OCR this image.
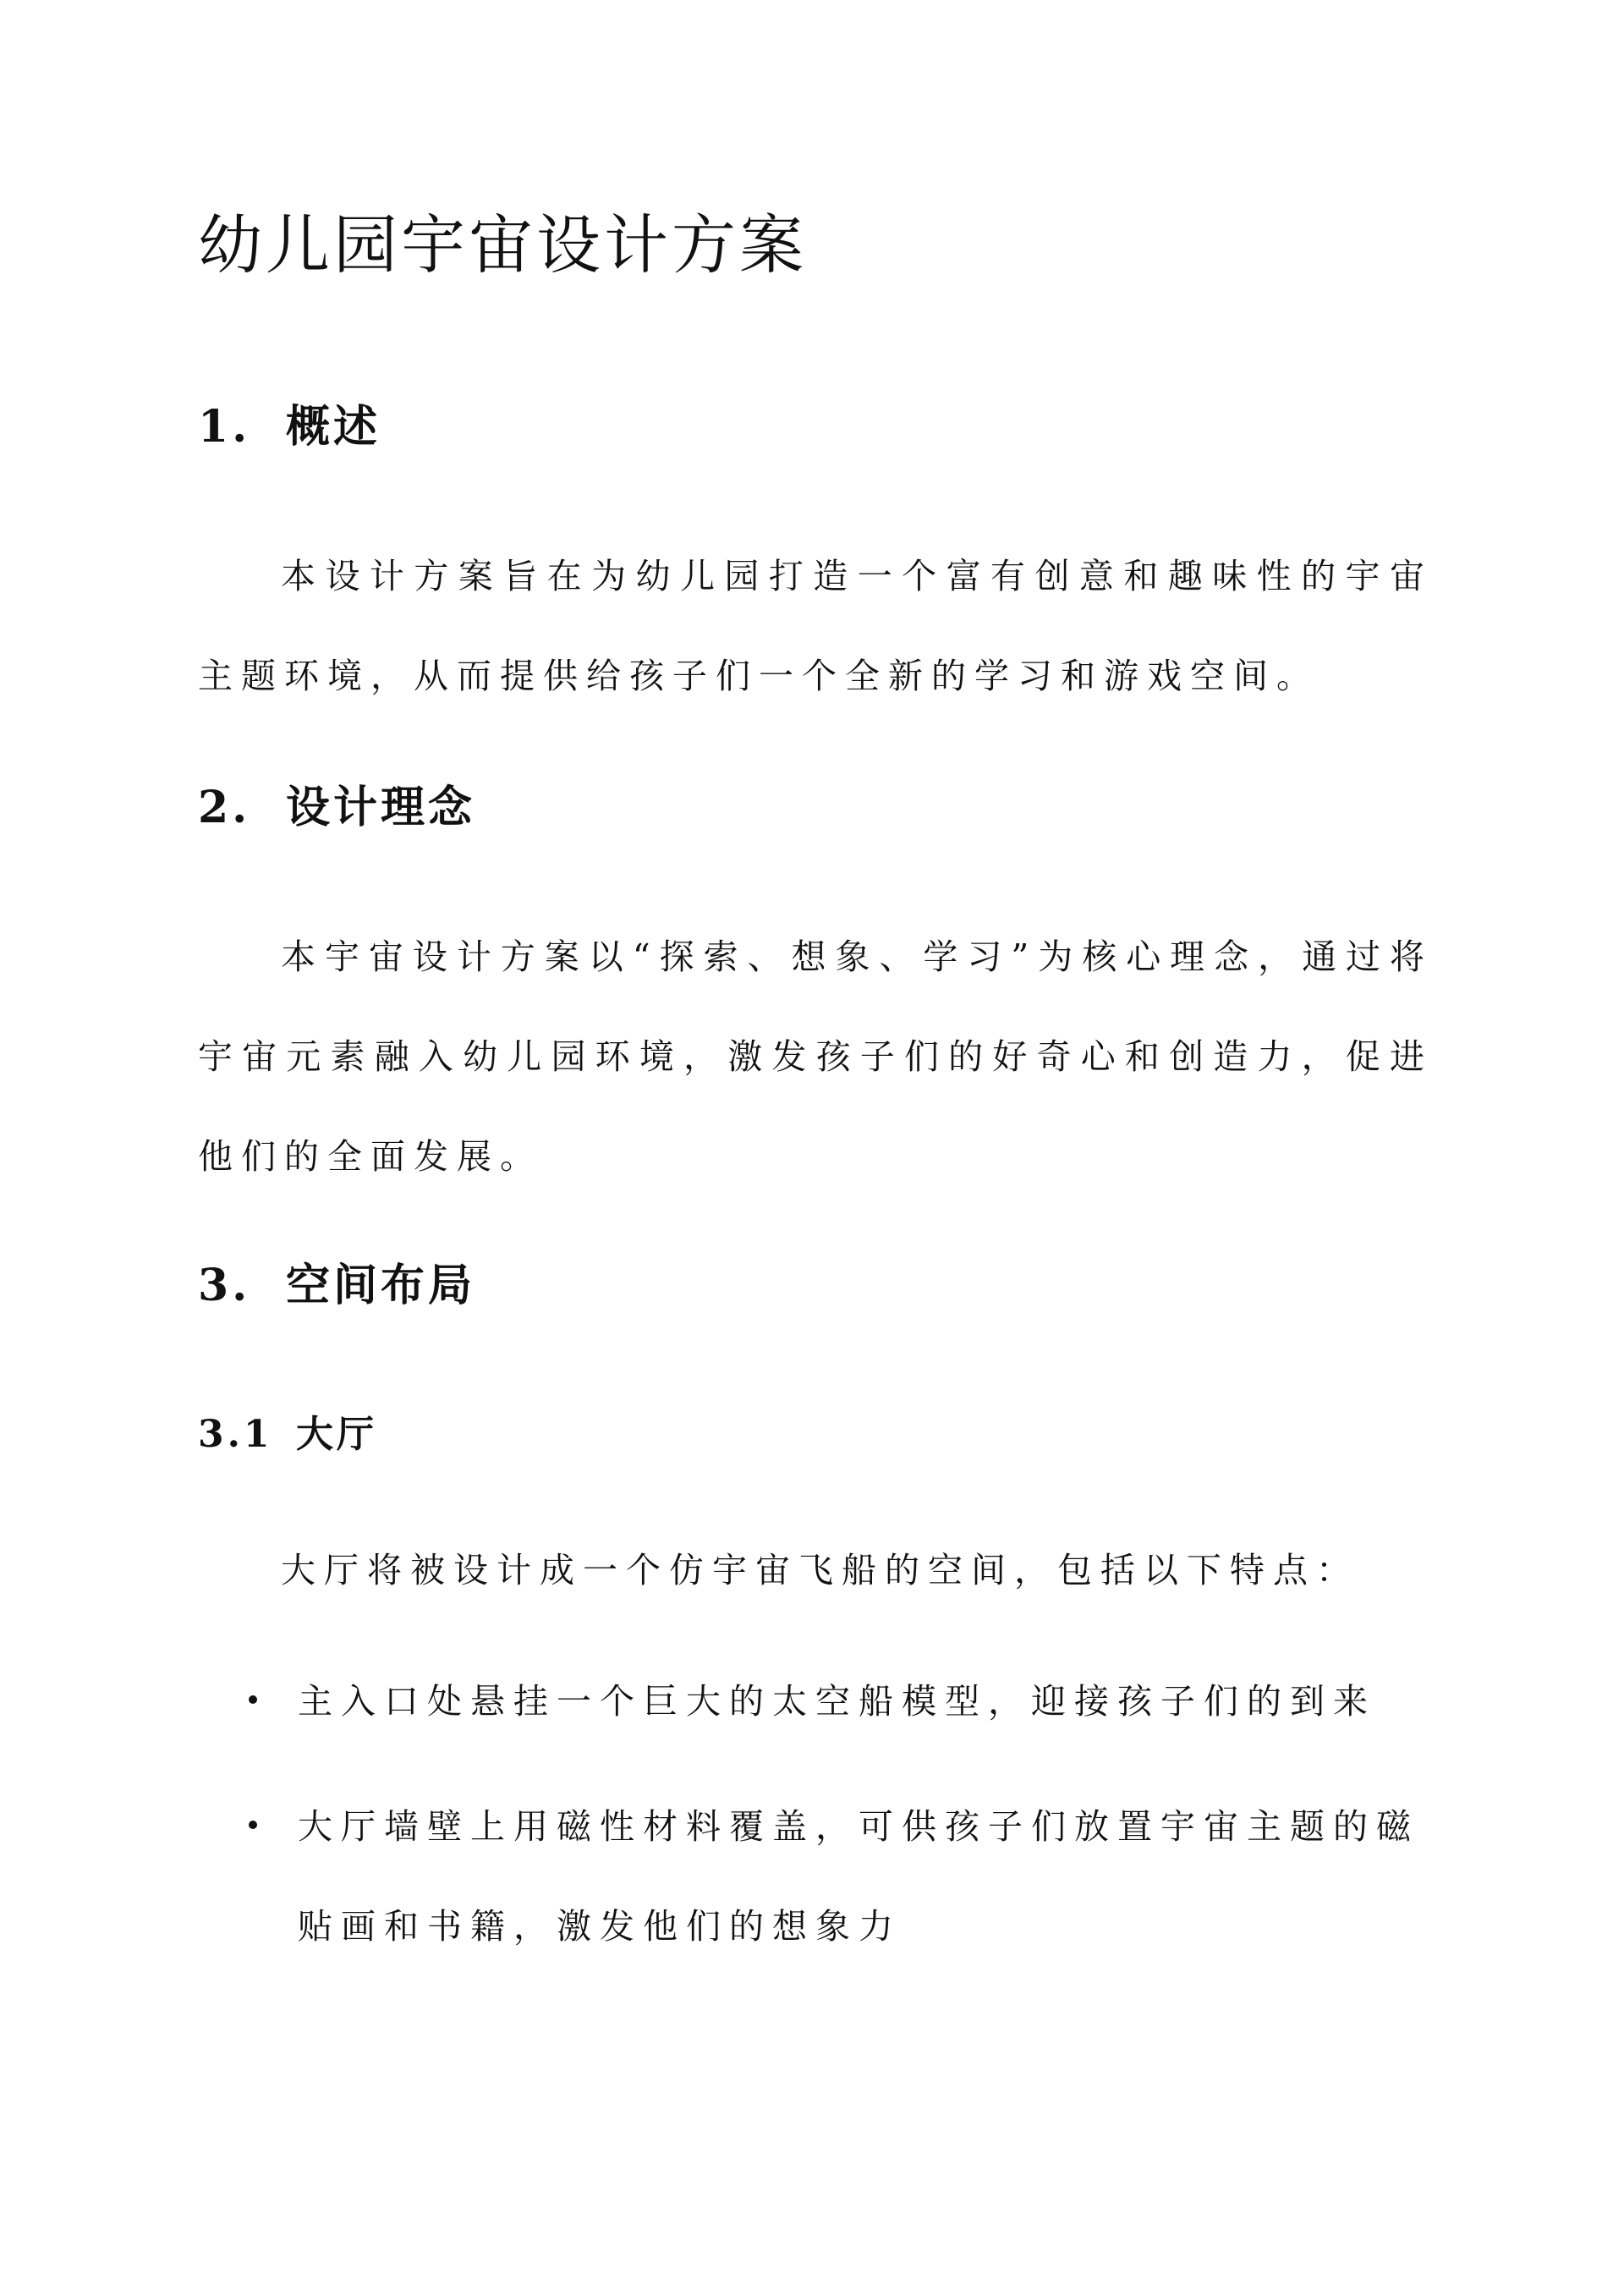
幼儿园宇宙设计方案
1. 概述

本设计方案旨在为幼儿园打造一个富有创意和趣味性的宇宙主题环境，从而提供给孩子们一个全新的学习和游戏空间。

2. 设计理念

本宇宙设计方案以“探索、想象、学习”为核心理念，通过将宇宙元素融入幼儿园环境，激发孩子们的好奇心和创造力，促进他们的全面发展。

3. 空间布局
3.1 大厅

大厅将被设计成一个仿宇宙飞船的空间，包括以下特点：

主入口处悬挂一个巨大的太空船模型，迎接孩子们的到来
大厅墙壁上用磁性材料覆盖，可供孩子们放置宇宙主题的磁贴画和书籍，激发他们的想象力
